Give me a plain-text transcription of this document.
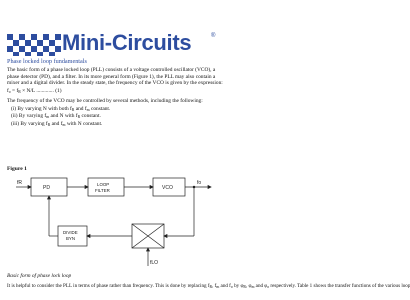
Mini-Circuits	®
Phase locked loop fundamentals
The basic form of a phase locked loop (PLL) consists of a voltage controlled oscillator (VCO), a
phase detector (PD), and a filter. In its more general form (Figure 1), the PLL may also contain a
mixer and a digital divider. In the steady state, the frequency of the VCO is given by the expression:
$f_o = f_R \times N/L$ ............. (1)
The frequency of the VCO may be controlled by several methods, including the following:
(i) By varying N with both $f_R$ and $f_m$ constant.
(ii) By varying $f_m$ and N with $f_R$ constant.
(iii) By varying $f_R$ and $f_m$ with N constant.
Figure 1
fR	fo
fLO
PD
LOOP
FILTER	VCO
DIVIDE
BYN
Basic form of phase lock loop
It is helpful to consider the PLL in terms of phase rather than frequency. This is done by replacing $f_R$, $f_m$ and $f_o$ by $\varphi_R$, $\varphi_m$ and $\varphi_o$ respectively. Table 1 shows the transfer functions of the various loop
